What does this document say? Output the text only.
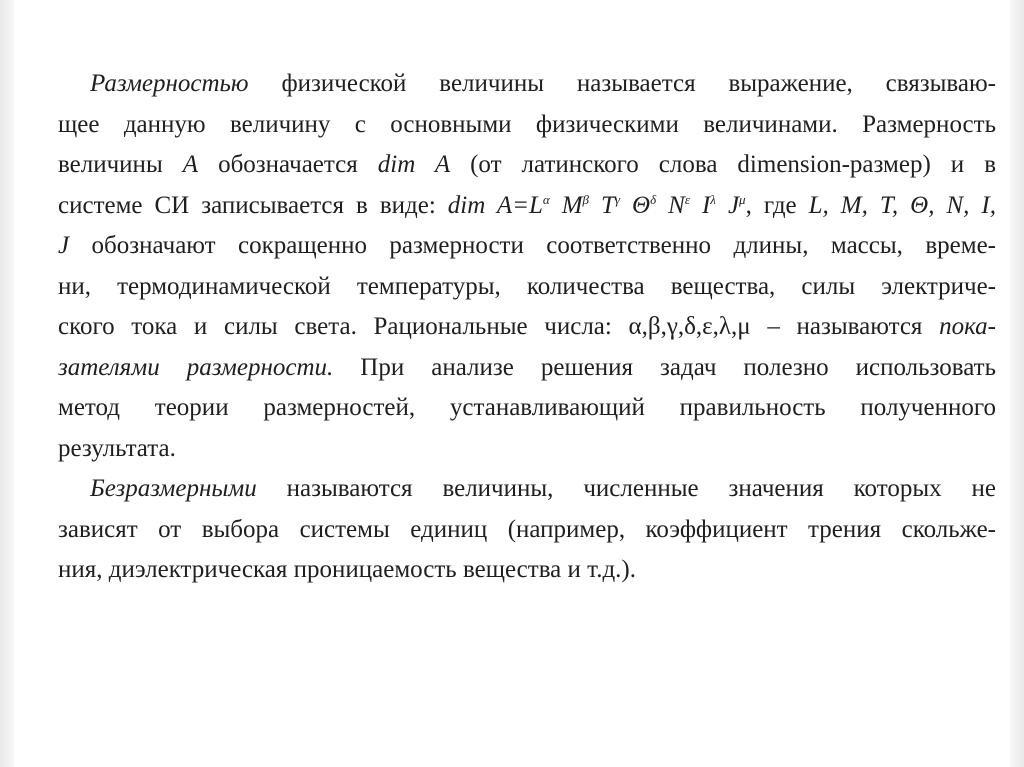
Размерностью физической величины называется выражение, связываю-
щее данную величину с основными физическими величинами. Размерность
величины A обозначается dim A (от латинского слова dimension-размер) и в
системе СИ записывается в виде: dim $A=L^\alpha$ $M^\beta$ $T^\gamma$ $\Theta^\delta$ $N^\varepsilon$ $I^\lambda$ $J^\mu$, где L, M, T, Θ, N, I,
J обозначают сокращенно размерности соответственно длины, массы, време-
ни, термодинамической температуры, количества вещества, силы электриче-
ского тока и силы света. Рациональные числа: α,β,γ,δ,ε,λ,μ – называются пока-
зателями размерности. При анализе решения задач полезно использовать
метод теории размерностей, устанавливающий правильность полученного
результата.
Безразмерными называются величины, численные значения которых не
зависят от выбора системы единиц (например, коэффициент трения скольже-
ния, диэлектрическая проницаемость вещества и т.д.).
